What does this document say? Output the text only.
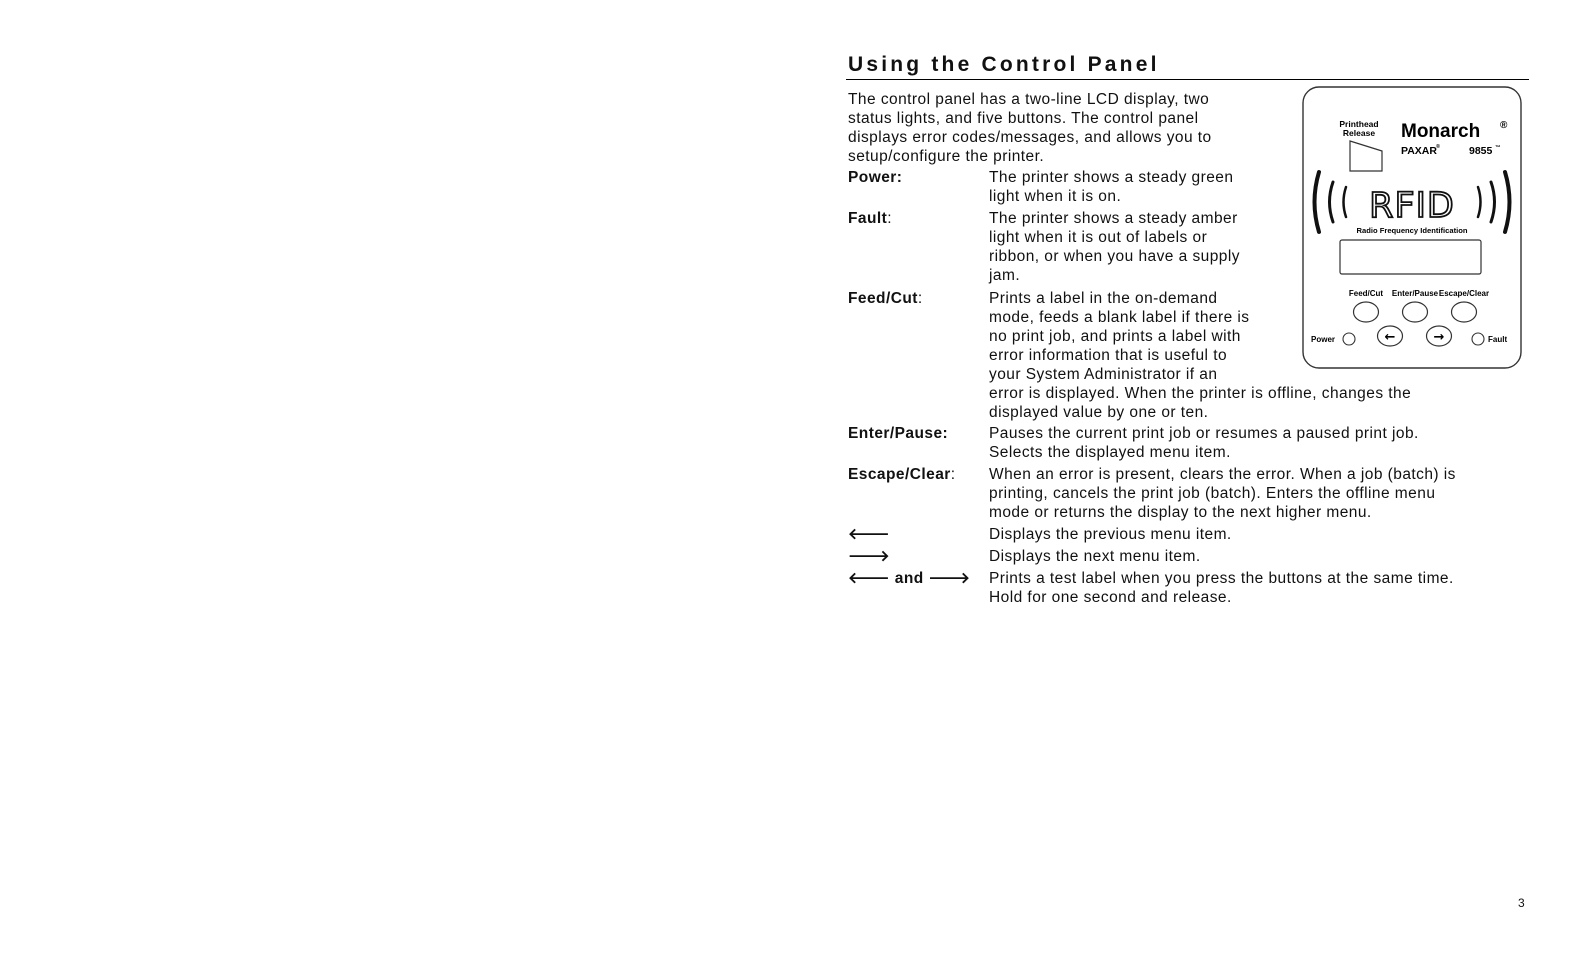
Using the Control Panel

The control panel has a two-line LCD display, two
status lights, and five buttons. The control panel
displays error codes/messages, and allows you to
setup/configure the printer.

Power:	The printer shows a steady green
light when it is on.
Fault:	The printer shows a steady amber
light when it is out of labels or
ribbon, or when you have a supply
jam.
Feed/Cut:	Prints a label in the on-demand
mode, feeds a blank label if there is
no print job, and prints a label with
error information that is useful to
your System Administrator if an
error is displayed. When the printer is offline, changes the
displayed value by one or ten.
Enter/Pause:	Pauses the current print job or resumes a paused print job.
Selects the displayed menu item.
Escape/Clear: When an error is present, clears the error. When a job (batch) is
printing, cancels the print job (batch). Enters the offline menu
mode or returns the display to the next higher menu.
🡐	Displays the previous menu item.
🡒	Displays the next menu item.
🡐 and 🡒 Prints a test label when you press the buttons at the same time.
Hold for one second and release.
Printhead
Release Monarch ®
PAXAR ®	9855 ™
RFID
Radio Frequency Identification
Feed/Cut Enter/Pause Escape/Clear
Power	←	→	Fault
3
